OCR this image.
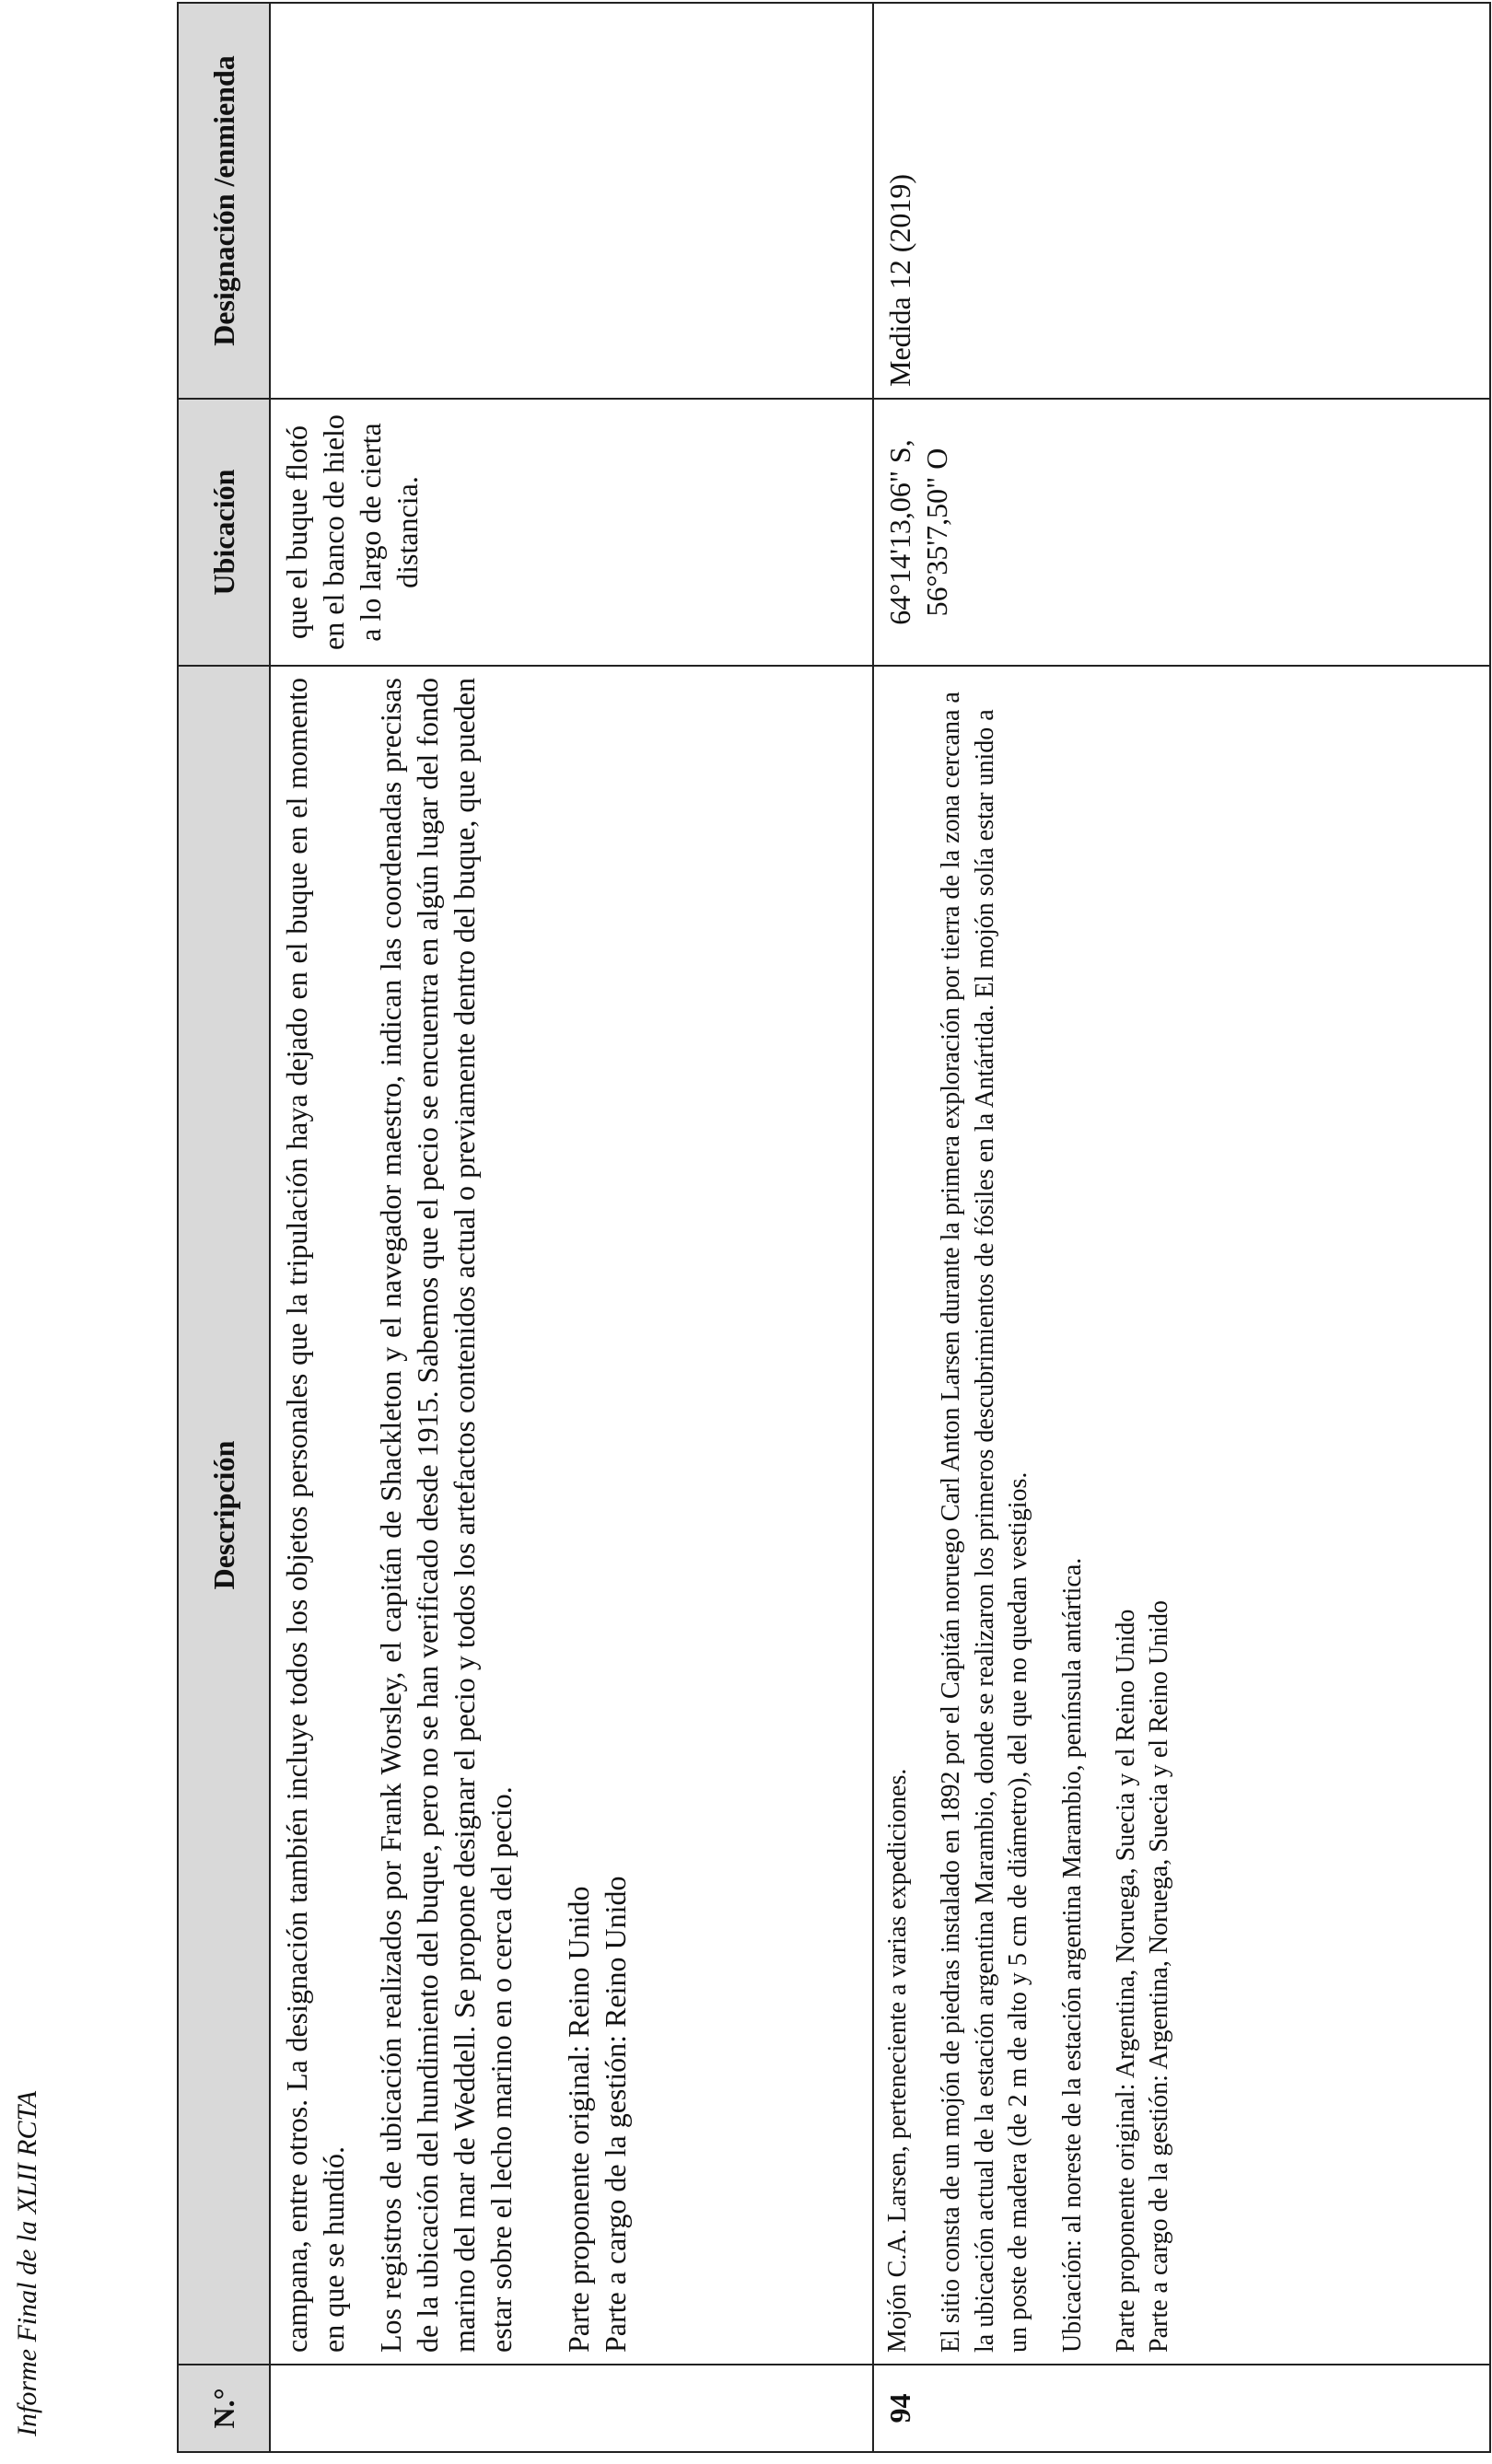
Informe Final de la XLII RCTA	N.°	Descripción	Ubicación	Designación /enmienda

	campana, entre otros. La designación también incluye todos los objetos personales que la tripulación haya dejado en el buque en el momento en que se hundió. Los registros de ubicación realizados por Frank Worsley, el capitán de Shackleton y el navegador maestro, indican las coordenadas precisas de la ubicación del hundimiento del buque, pero no se han verificado desde 1915. Sabemos que el pecio se encuentra en algún lugar del fondo marino del mar de Weddell. Se propone designar el pecio y todos los artefactos contenidos actual o previamente dentro del buque, que pueden estar sobre el lecho marino en o cerca del pecio. Parte proponente original: Reino Unido Parte a cargo de la gestión: Reino Unido	que el buque flotó en el banco de hielo a lo largo de cierta distancia.	
94	Mojón C.A. Larsen, perteneciente a varias expediciones. El sitio consta de un mojón de piedras instalado en 1892 por el Capitán noruego Carl Anton Larsen durante la primera exploración por tierra de la zona cercana a la ubicación actual de la estación argentina Marambio, donde se realizaron los primeros descubrimientos de fósiles en la Antártida. El mojón solía estar unido a un poste de madera (de 2 m de alto y 5 cm de diámetro), del que no quedan vestigios. Ubicación: al noreste de la estación argentina Marambio, península antártica. Parte proponente original: Argentina, Noruega, Suecia y el Reino Unido Parte a cargo de la gestión: Argentina, Noruega, Suecia y el Reino Unido	64°14'13,06" S, 56°35'7,50" O	Medida 12 (2019)
